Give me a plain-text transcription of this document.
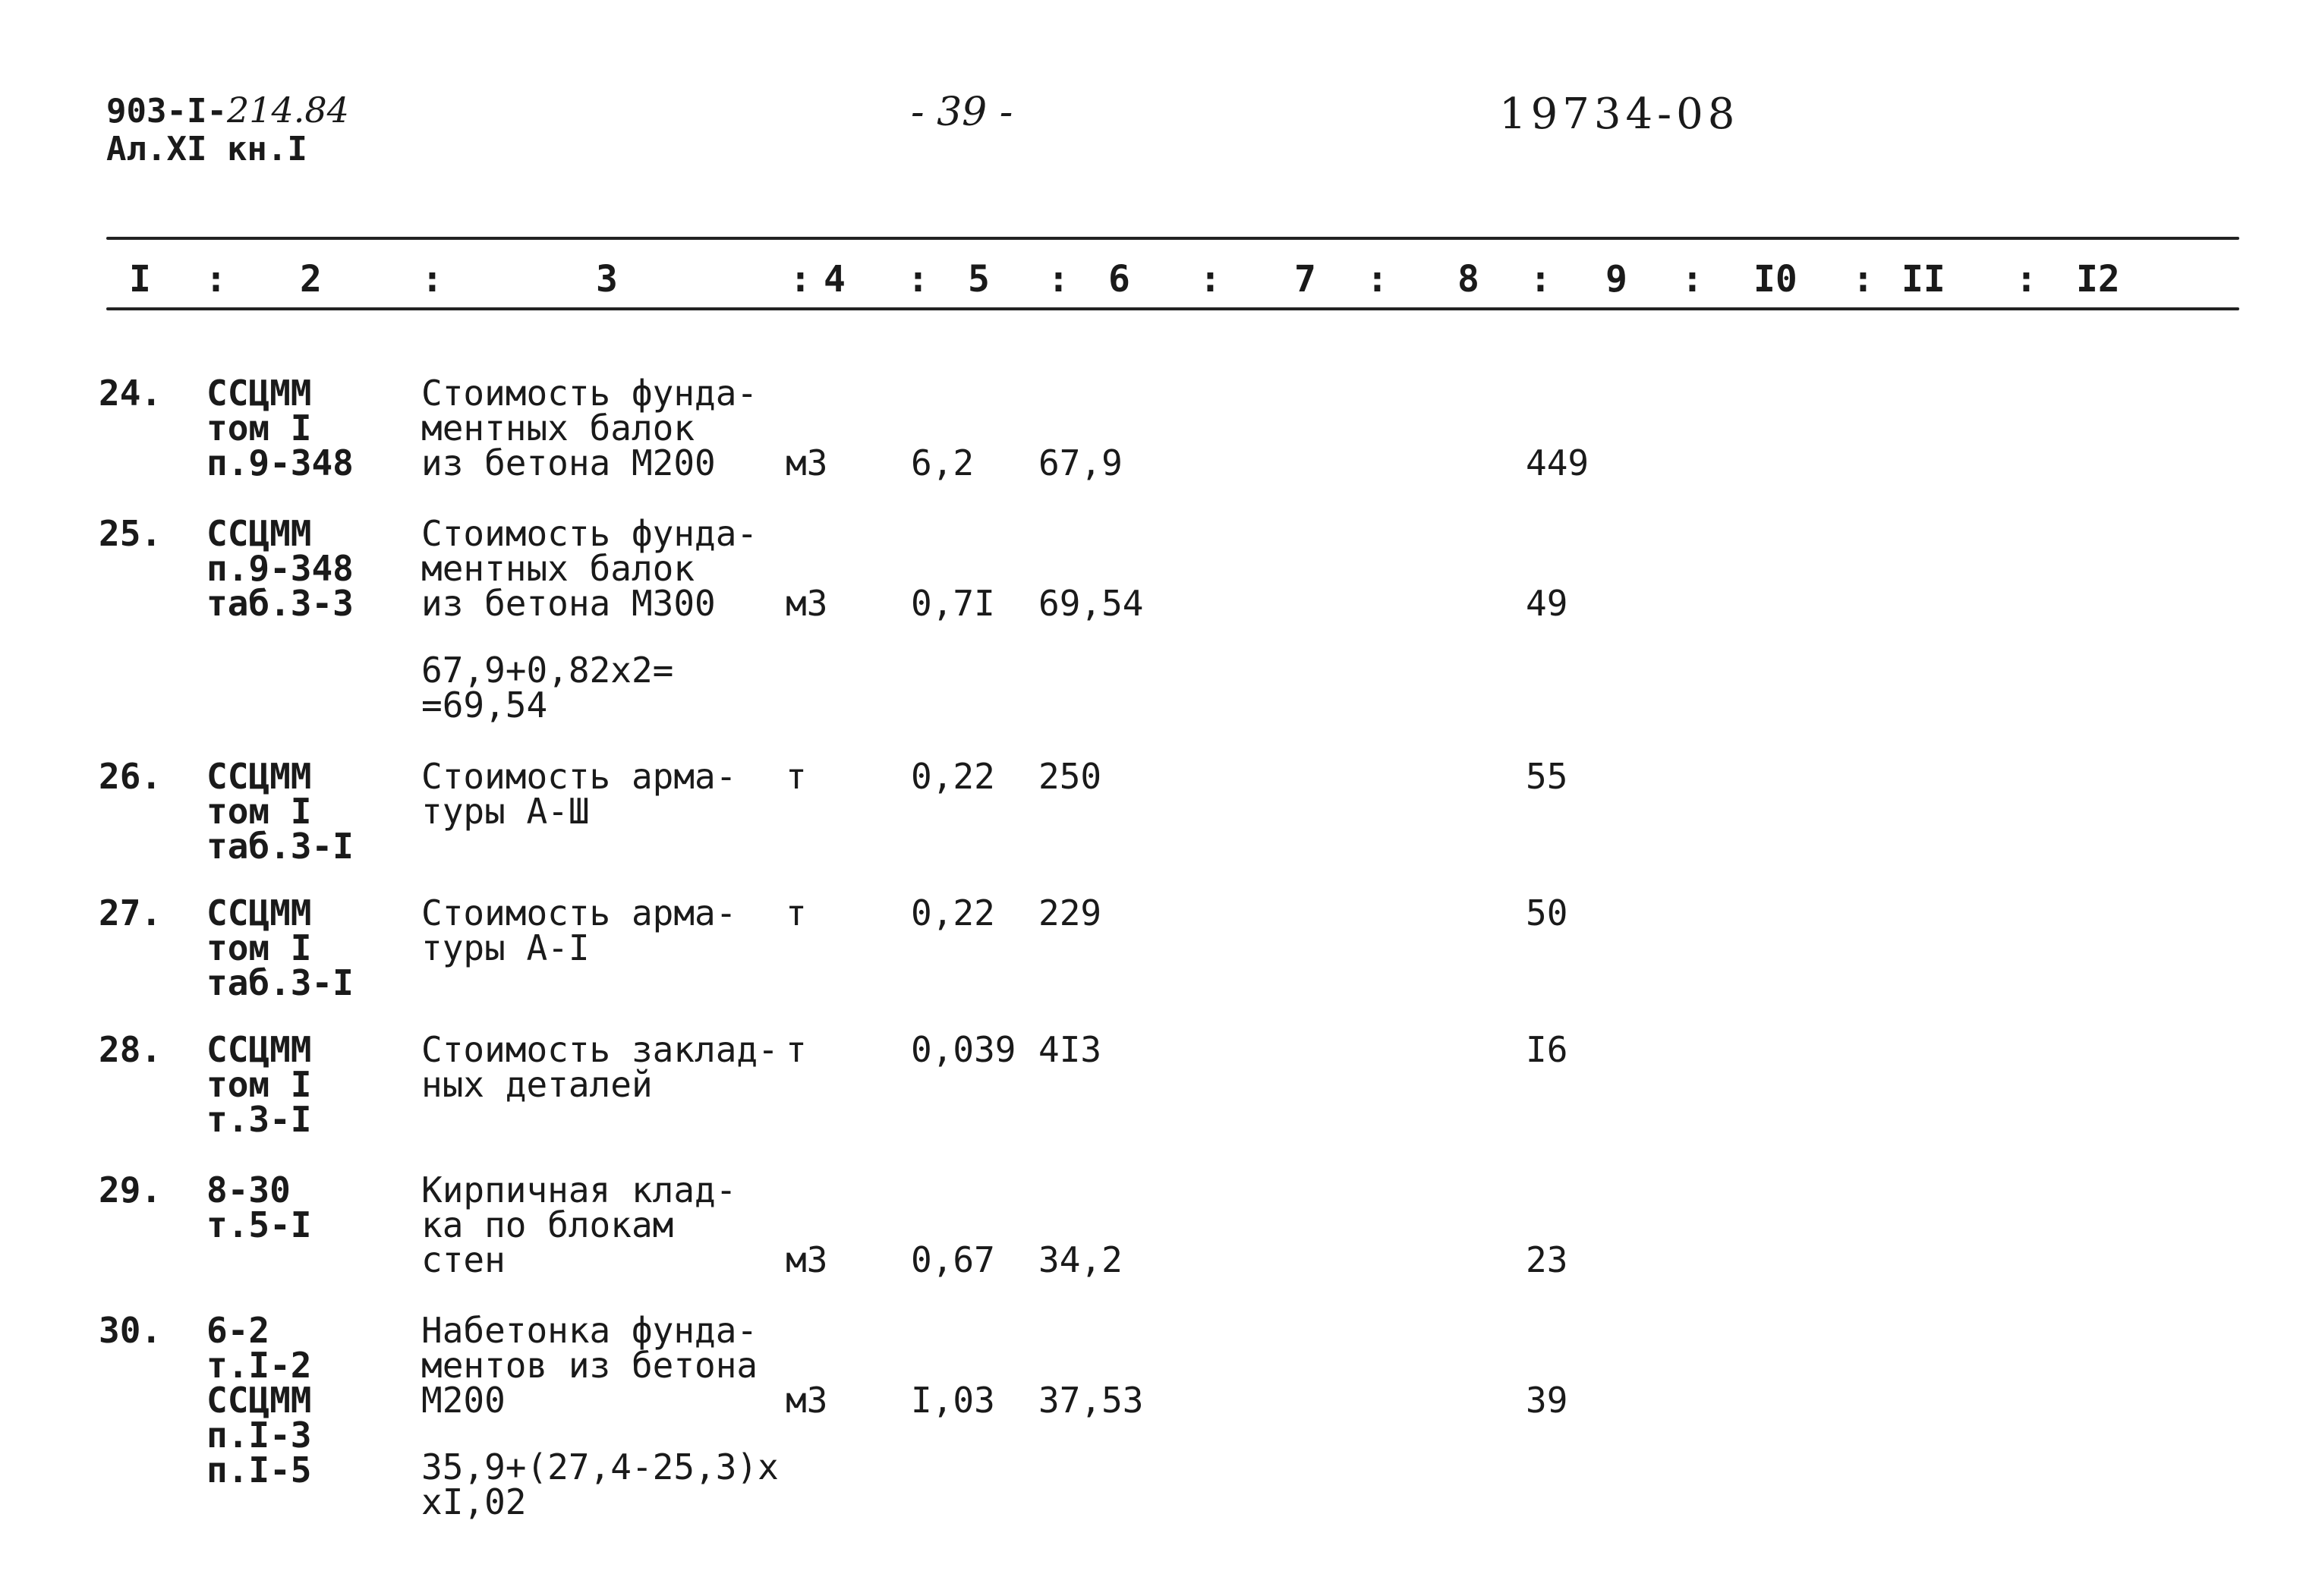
903-I-214.84
Ал.XI кн.I
- 39 -	19734-08
I	2	3	4	5	6	7	8	9	I0	II	I2
:	:	:	:	:	:	:	:	:	:	:
24. ССЦММ
том I
п.9-348
Стоимость фунда-
ментных балок
из бетона М200	м3 6,2 67,9	449
25. ССЦММ
п.9-348
таб.3-3
Стоимость фунда-
ментных балок
из бетона М300	м3 0,7I 69,54	49
67,9+0,82х2=
=69,54
26. ССЦММ
том I
таб.3-I
Стоимость арма-
туры А-Ш
т	0,22 250	55
27. ССЦММ
том I
таб.3-I
Стоимость арма-
туры А-I
т	0,22 229	50
28. ССЦММ
том I
т.3-I
Стоимость заклад-
ных деталей
т	0,039 4I3	I6
29. 8-30
т.5-I
Кирпичная клад-
ка по блокам
стен	м3 0,67 34,2	23
30. 6-2
т.I-2
ССЦММ
п.I-3
п.I-5
Набетонка фунда-
ментов из бетона
М200	м3 I,03 37,53	39
35,9+(27,4-25,3)х
хI,02
